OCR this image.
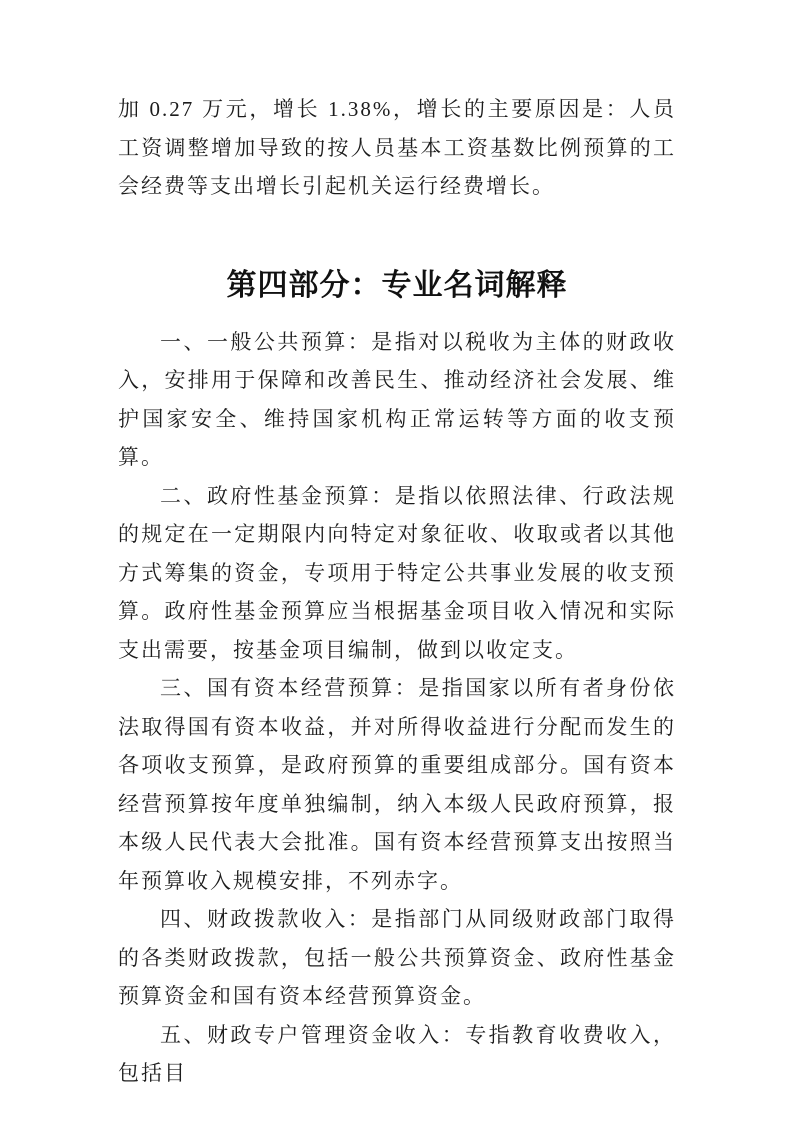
加 0.27 万元，增长 1.38%，增长的主要原因是：人员工资调整增加导致的按人员基本工资基数比例预算的工会经费等支出增长引起机关运行经费增长。

第四部分：专业名词解释

一、一般公共预算：是指对以税收为主体的财政收入，安排用于保障和改善民生、推动经济社会发展、维护国家安全、维持国家机构正常运转等方面的收支预算。

二、政府性基金预算：是指以依照法律、行政法规的规定在一定期限内向特定对象征收、收取或者以其他方式筹集的资金，专项用于特定公共事业发展的收支预算。政府性基金预算应当根据基金项目收入情况和实际支出需要，按基金项目编制，做到以收定支。

三、国有资本经营预算：是指国家以所有者身份依法取得国有资本收益，并对所得收益进行分配而发生的各项收支预算，是政府预算的重要组成部分。国有资本经营预算按年度单独编制，纳入本级人民政府预算，报本级人民代表大会批准。国有资本经营预算支出按照当年预算收入规模安排，不列赤字。

四、财政拨款收入：是指部门从同级财政部门取得的各类财政拨款，包括一般公共预算资金、政府性基金预算资金和国有资本经营预算资金。

五、财政专户管理资金收入：专指教育收费收入，包括目
